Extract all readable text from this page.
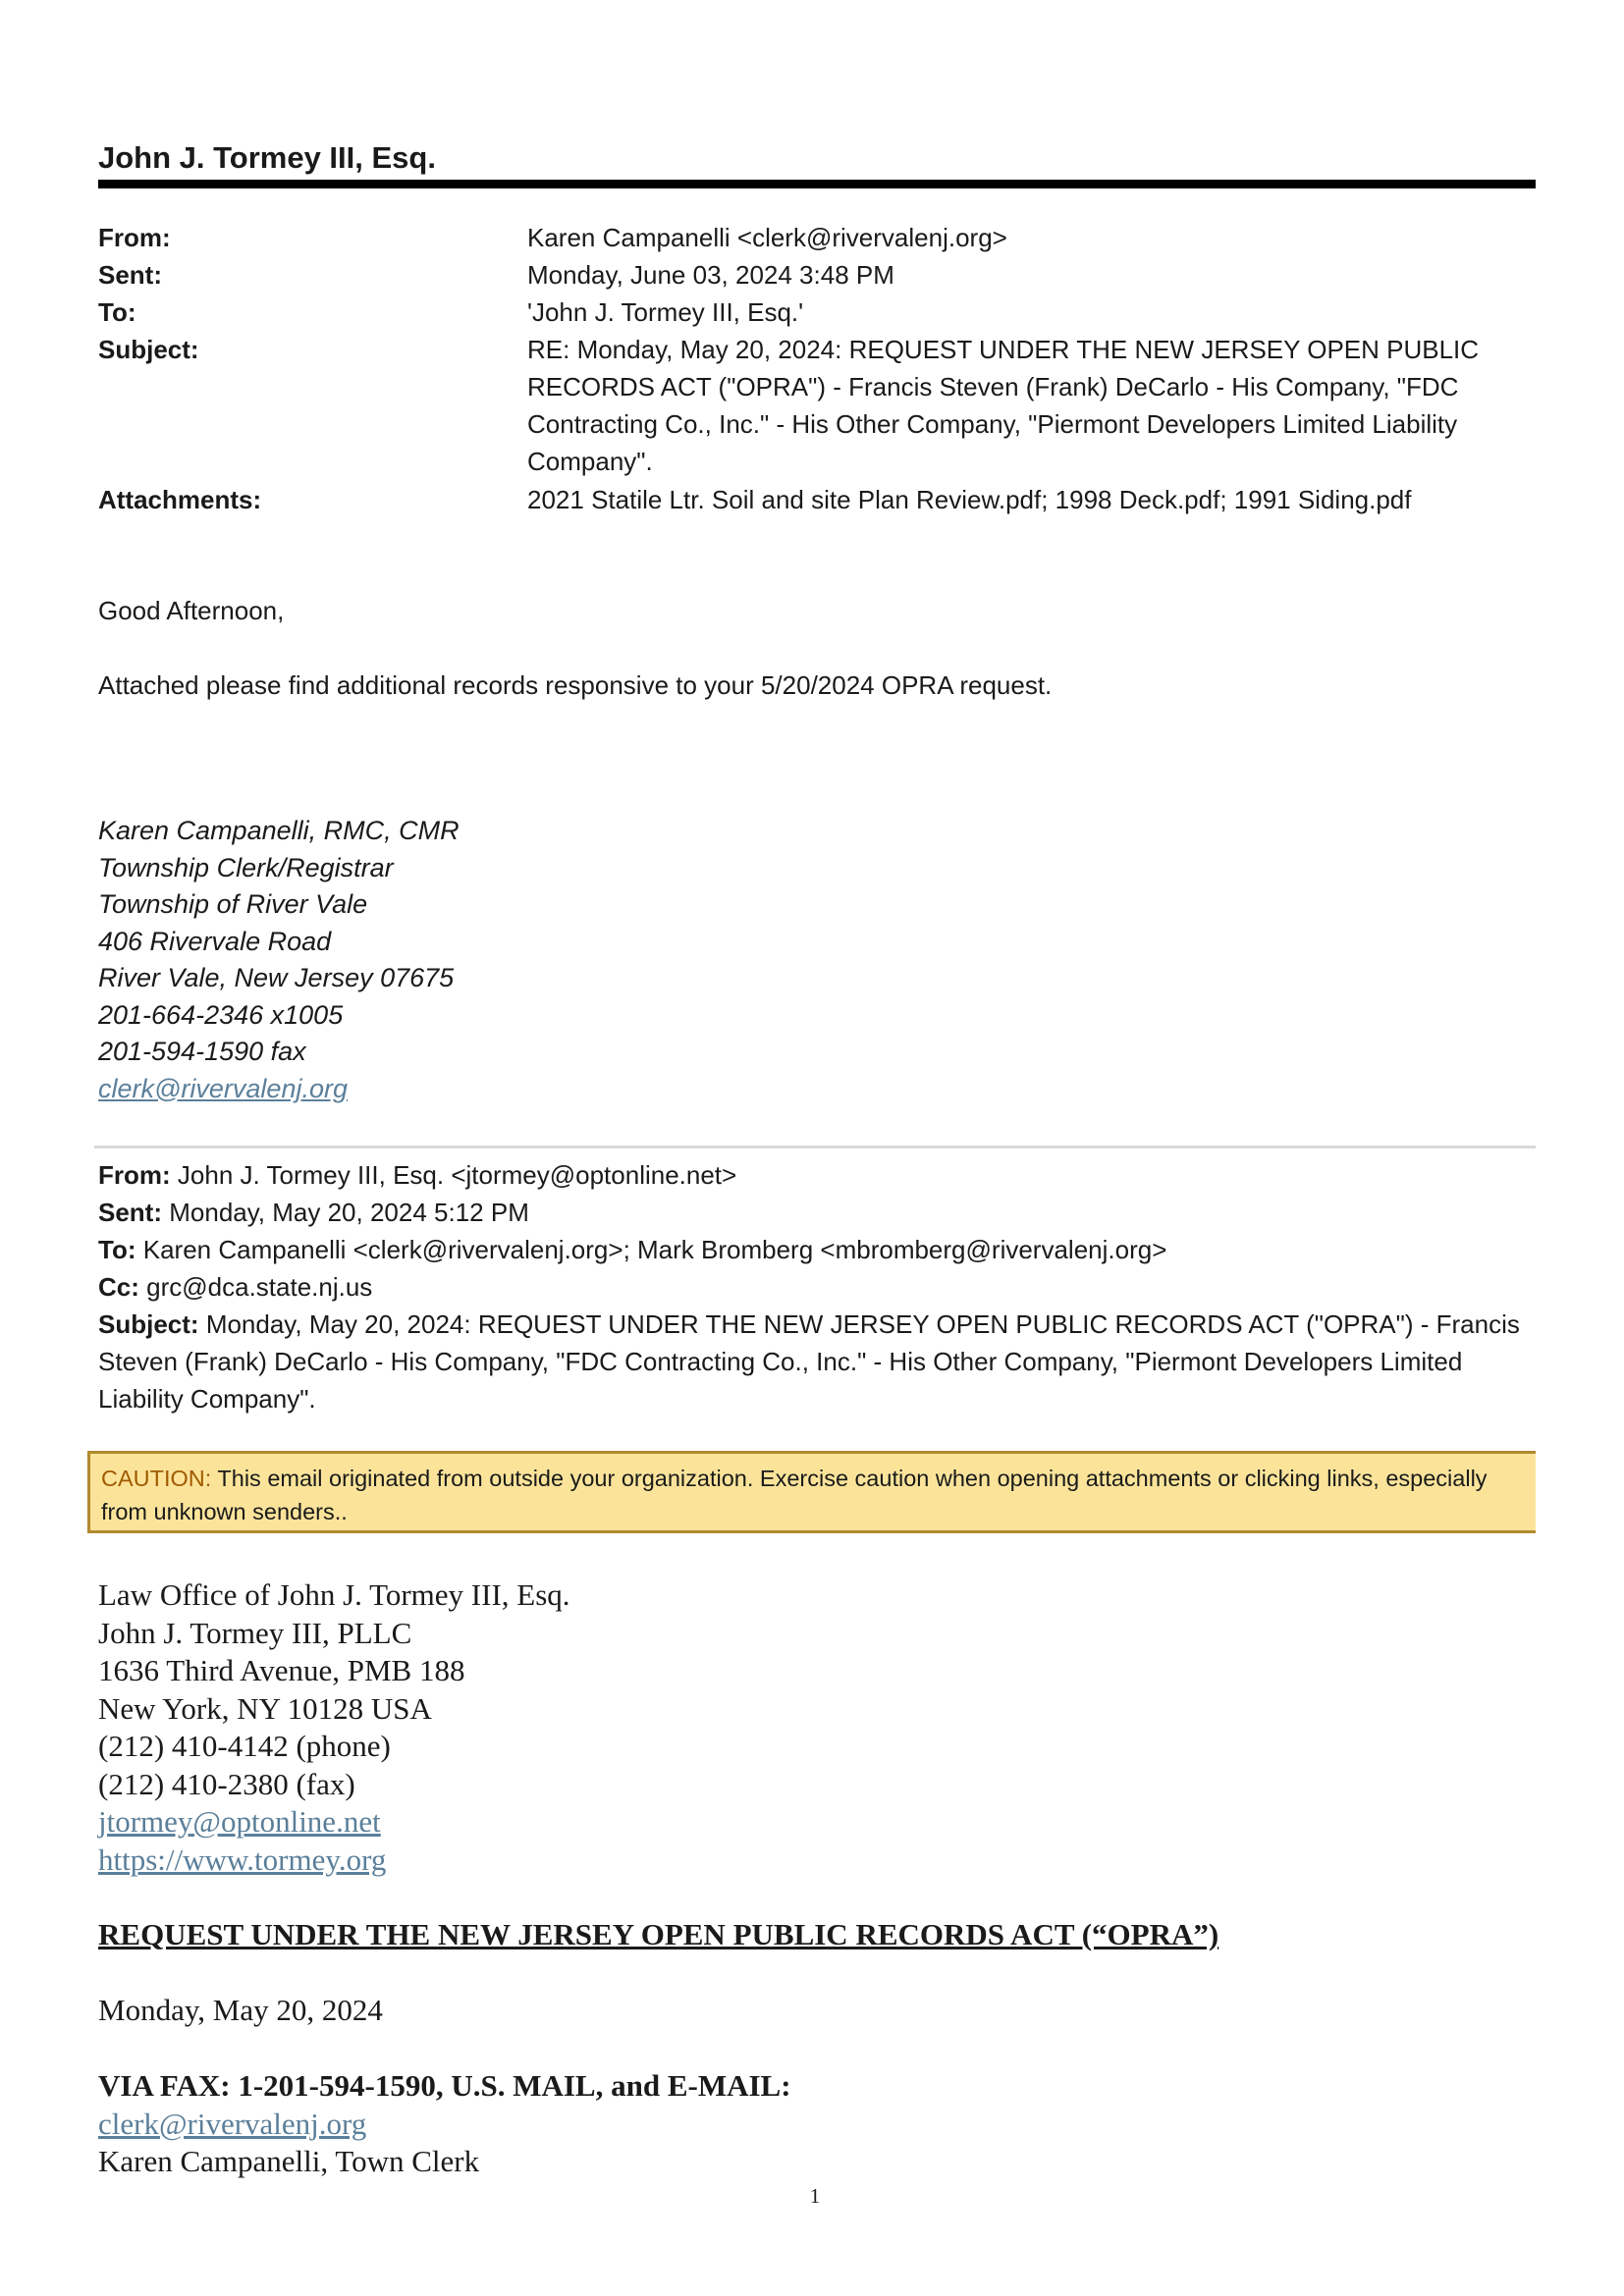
John J. Tormey III, Esq.
From:	Karen Campanelli <clerk@rivervalenj.org>
Sent:	Monday, June 03, 2024 3:48 PM
To:	'John J. Tormey III, Esq.'
Subject:	RE: Monday, May 20, 2024: REQUEST UNDER THE NEW JERSEY OPEN PUBLIC RECORDS ACT ("OPRA") - Francis Steven (Frank) DeCarlo - His Company, "FDC Contracting Co., Inc." - His Other Company, "Piermont Developers Limited Liability Company".
Attachments:	2021 Statile Ltr. Soil and site Plan Review.pdf; 1998 Deck.pdf; 1991 Siding.pdf
Good Afternoon,
Attached please find additional records responsive to your 5/20/2024 OPRA request.
Karen Campanelli, RMC, CMR
Township Clerk/Registrar
Township of River Vale
406 Rivervale Road
River Vale, New Jersey 07675
201-664-2346 x1005
201-594-1590 fax
clerk@rivervalenj.org
From: John J. Tormey III, Esq. <jtormey@optonline.net>
Sent: Monday, May 20, 2024 5:12 PM
To: Karen Campanelli <clerk@rivervalenj.org>; Mark Bromberg <mbromberg@rivervalenj.org>
Cc: grc@dca.state.nj.us
Subject: Monday, May 20, 2024: REQUEST UNDER THE NEW JERSEY OPEN PUBLIC RECORDS ACT ("OPRA") - Francis Steven (Frank) DeCarlo - His Company, "FDC Contracting Co., Inc." - His Other Company, "Piermont Developers Limited Liability Company".
CAUTION: This email originated from outside your organization. Exercise caution when opening attachments or clicking links, especially from unknown senders..
Law Office of John J. Tormey III, Esq.
John J. Tormey III, PLLC
1636 Third Avenue, PMB 188
New York, NY 10128 USA
(212) 410-4142 (phone)
(212) 410-2380 (fax)
jtormey@optonline.net
https://www.tormey.org
REQUEST UNDER THE NEW JERSEY OPEN PUBLIC RECORDS ACT (“OPRA”)
Monday, May 20, 2024
VIA FAX: 1-201-594-1590, U.S. MAIL, and E-MAIL:
clerk@rivervalenj.org
Karen Campanelli, Town Clerk
1
